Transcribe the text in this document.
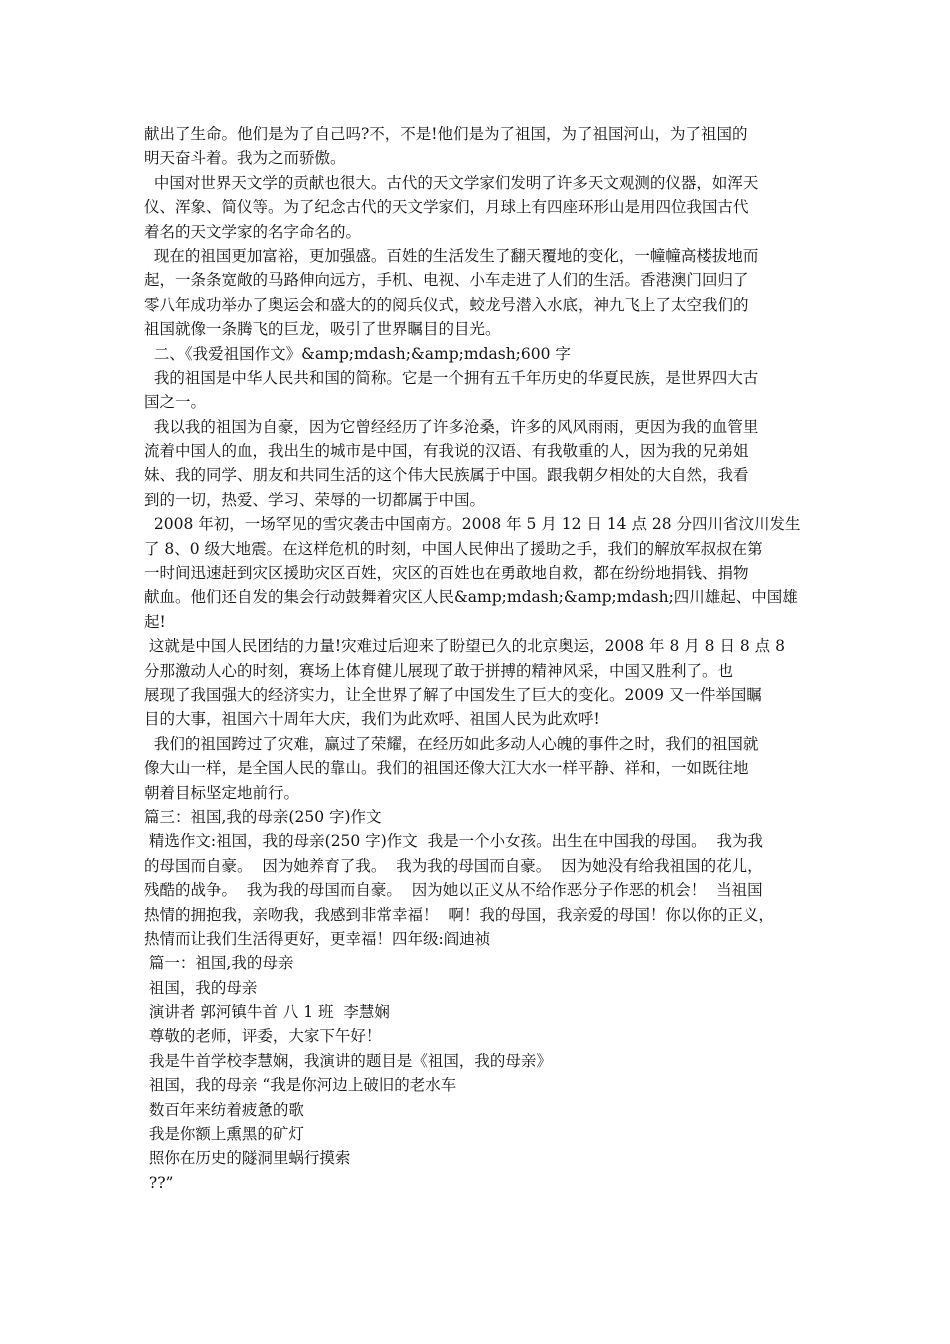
献出了生命。他们是为了自己吗?不，不是!他们是为了祖国，为了祖国河山，为了祖国的
明天奋斗着。我为之而骄傲。
中国对世界天文学的贡献也很大。古代的天文学家们发明了许多天文观测的仪器，如浑天
仪、浑象、简仪等。为了纪念古代的天文学家们，月球上有四座环形山是用四位我国古代
着名的天文学家的名字命名的。
现在的祖国更加富裕，更加强盛。百姓的生活发生了翻天覆地的变化，一幢幢高楼拔地而
起，一条条宽敞的马路伸向远方，手机、电视、小车走进了人们的生活。香港澳门回归了
零八年成功举办了奥运会和盛大的的阅兵仪式，蛟龙号潜入水底，神九飞上了太空我们的
祖国就像一条腾飞的巨龙，吸引了世界瞩目的目光。
二、《我爱祖国作文》&amp;mdash;&amp;mdash;600 字
我的祖国是中华人民共和国的简称。它是一个拥有五千年历史的华夏民族，是世界四大古
国之一。
我以我的祖国为自豪，因为它曾经经历了许多沧桑，许多的风风雨雨，更因为我的血管里
流着中国人的血，我出生的城市是中国，有我说的汉语、有我敬重的人，因为我的兄弟姐
妹、我的同学、朋友和共同生活的这个伟大民族属于中国。跟我朝夕相处的大自然，我看
到的一切，热爱、学习、荣辱的一切都属于中国。
2008 年初，一场罕见的雪灾袭击中国南方。2008 年 5 月 12 日 14 点 28 分四川省汶川发生
了 8、0 级大地震。在这样危机的时刻，中国人民伸出了援助之手，我们的解放军叔叔在第
一时间迅速赶到灾区援助灾区百姓，灾区的百姓也在勇敢地自救，都在纷纷地捐钱、捐物
献血。他们还自发的集会行动鼓舞着灾区人民&amp;mdash;&amp;mdash;四川雄起、中国雄
起!
这就是中国人民团结的力量!灾难过后迎来了盼望已久的北京奥运，2008 年 8 月 8 日 8 点 8
分那激动人心的时刻，赛场上体育健儿展现了敢于拼搏的精神风采，中国又胜利了。也
展现了我国强大的经济实力，让全世界了解了中国发生了巨大的变化。2009 又一件举国瞩
目的大事，祖国六十周年大庆，我们为此欢呼、祖国人民为此欢呼!
我们的祖国跨过了灾难，赢过了荣耀，在经历如此多动人心魄的事件之时，我们的祖国就
像大山一样，是全国人民的靠山。我们的祖国还像大江大水一样平静、祥和，一如既往地
朝着目标坚定地前行。
篇三：祖国,我的母亲(250 字)作文
精选作文:祖国，我的母亲(250 字)作文  我是一个小女孩。出生在中国我的母国。  我为我
的母国而自豪。  因为她养育了我。  我为我的母国而自豪。  因为她没有给我祖国的花儿，
残酷的战争。  我为我的母国而自豪。  因为她以正义从不给作恶分子作恶的机会！  当祖国
热情的拥抱我，亲吻我，我感到非常幸福！  啊！我的母国，我亲爱的母国！你以你的正义，
热情而让我们生活得更好，更幸福！四年级:阎迪祯
篇一：祖国,我的母亲
祖国，我的母亲
演讲者 郭河镇牛首 八 1 班  李慧娴
尊敬的老师，评委，大家下午好！
我是牛首学校李慧娴，我演讲的题目是《祖国，我的母亲》
祖国，我的母亲 “我是你河边上破旧的老水车
数百年来纺着疲惫的歌
我是你额上熏黑的矿灯
照你在历史的隧洞里蜗行摸索
??”
